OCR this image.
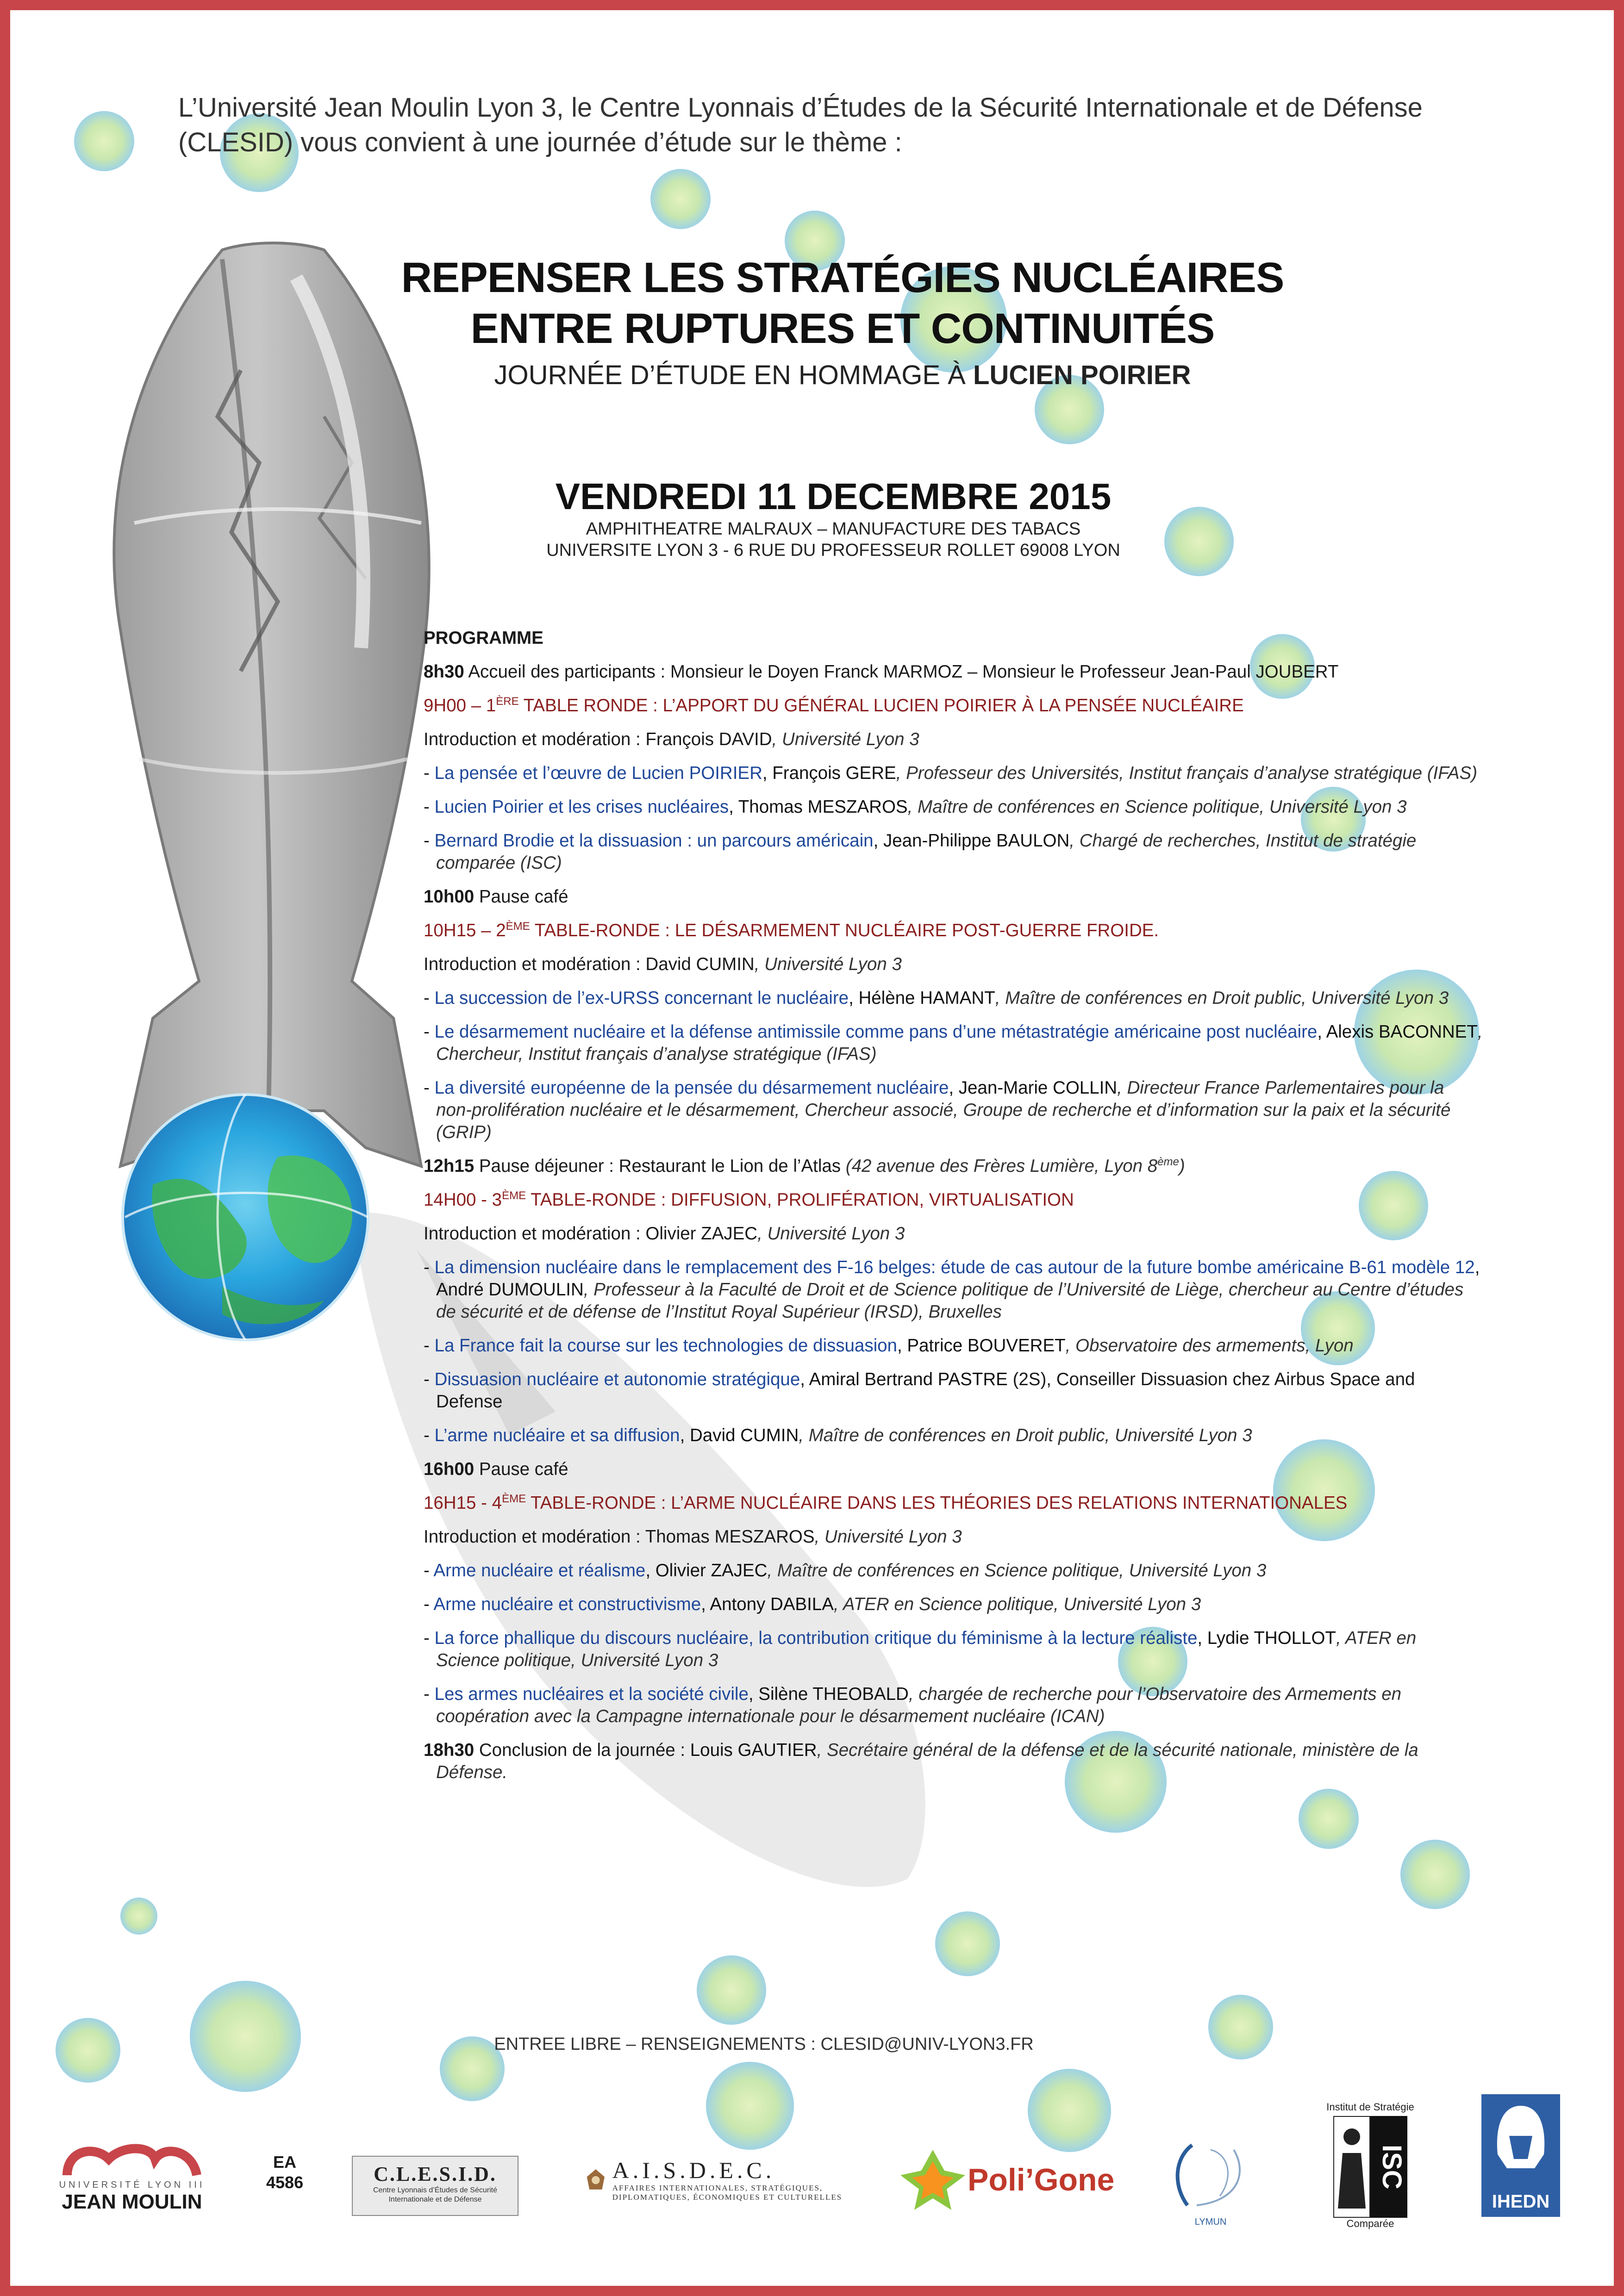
L’Université Jean Moulin Lyon 3, le Centre Lyonnais d’Études de la Sécurité Internationale et de Défense (CLESID) vous convient à une journée d’étude sur le thème :
REPENSER LES STRATÉGIES NUCLÉAIRES
ENTRE RUPTURES ET CONTINUITÉS
JOURNÉE D’ÉTUDE EN HOMMAGE À LUCIEN POIRIER
VENDREDI 11 DECEMBRE 2015
AMPHITHEATRE MALRAUX – MANUFACTURE DES TABACS
UNIVERSITE LYON 3 - 6 RUE DU PROFESSEUR ROLLET 69008 LYON
PROGRAMME
8h30 Accueil des participants : Monsieur le Doyen Franck MARMOZ – Monsieur le Professeur Jean-Paul JOUBERT
9H00 – 1ÈRE TABLE RONDE : L’APPORT DU GÉNÉRAL LUCIEN POIRIER À LA PENSÉE NUCLÉAIRE
Introduction et modération : François DAVID, Université Lyon 3
- La pensée et l’œuvre de Lucien POIRIER, François GERE, Professeur des Universités, Institut français d’analyse stratégique (IFAS)
- Lucien Poirier et les crises nucléaires, Thomas MESZAROS, Maître de conférences en Science politique, Université Lyon 3
- Bernard Brodie et la dissuasion : un parcours américain, Jean-Philippe BAULON, Chargé de recherches, Institut de stratégie comparée (ISC)
10h00 Pause café
10H15 – 2ÈME TABLE-RONDE : LE DÉSARMEMENT NUCLÉAIRE POST-GUERRE FROIDE.
Introduction et modération : David CUMIN, Université Lyon 3
- La succession de l’ex-URSS concernant le nucléaire, Hélène HAMANT, Maître de conférences en Droit public, Université Lyon 3
- Le désarmement nucléaire et la défense antimissile comme pans d’une métastratégie américaine post nucléaire, Alexis BACONNET, Chercheur, Institut français d’analyse stratégique (IFAS)
- La diversité européenne de la pensée du désarmement nucléaire, Jean-Marie COLLIN, Directeur France Parlementaires pour la non-prolifération nucléaire et le désarmement, Chercheur associé, Groupe de recherche et d’information sur la paix et la sécurité (GRIP)
12h15 Pause déjeuner : Restaurant le Lion de l’Atlas (42 avenue des Frères Lumière, Lyon 8ème)
14H00 - 3ÈME TABLE-RONDE : DIFFUSION, PROLIFÉRATION, VIRTUALISATION
Introduction et modération : Olivier ZAJEC, Université Lyon 3
- La dimension nucléaire dans le remplacement des F-16 belges: étude de cas autour de la future bombe américaine B-61 modèle 12, André DUMOULIN, Professeur à la Faculté de Droit et de Science politique de l’Université de Liège, chercheur au Centre d’études de sécurité et de défense de l’Institut Royal Supérieur (IRSD), Bruxelles
- La France fait la course sur les technologies de dissuasion, Patrice BOUVERET, Observatoire des armements, Lyon
- Dissuasion nucléaire et autonomie stratégique, Amiral Bertrand PASTRE (2S), Conseiller Dissuasion chez Airbus Space and Defense
- L’arme nucléaire et sa diffusion, David CUMIN, Maître de conférences en Droit public, Université Lyon 3
16h00 Pause café
16H15 - 4ÈME TABLE-RONDE : L’ARME NUCLÉAIRE DANS LES THÉORIES DES RELATIONS INTERNATIONALES
Introduction et modération : Thomas MESZAROS, Université Lyon 3
- Arme nucléaire et réalisme, Olivier ZAJEC, Maître de conférences en Science politique, Université Lyon 3
- Arme nucléaire et constructivisme, Antony DABILA, ATER en Science politique, Université Lyon 3
- La force phallique du discours nucléaire, la contribution critique du féminisme à la lecture réaliste, Lydie THOLLOT, ATER en Science politique, Université Lyon 3
- Les armes nucléaires et la société civile, Silène THEOBALD, chargée de recherche pour l’Observatoire des Armements en coopération avec la Campagne internationale pour le désarmement nucléaire (ICAN)
18h30 Conclusion de la journée : Louis GAUTIER, Secrétaire général de la défense et de la sécurité nationale, ministère de la Défense.
ENTREE LIBRE – RENSEIGNEMENTS : CLESID@UNIV-LYON3.FR
UNIVERSITÉ LYON III
JEAN MOULIN
EA
4586	C.L.E.S.I.D.
Centre Lyonnais d’Études de Sécurité Internationale et de Défense
A.I.S.D.E.C.
AFFAIRES INTERNATIONALES, STRATÉGIQUES, DIPLOMATIQUES, ÉCONOMIQUES ET CULTURELLES	Poli’Gone
LYMUN
Institut de Stratégie
ISC
Comparée
IHEDN
